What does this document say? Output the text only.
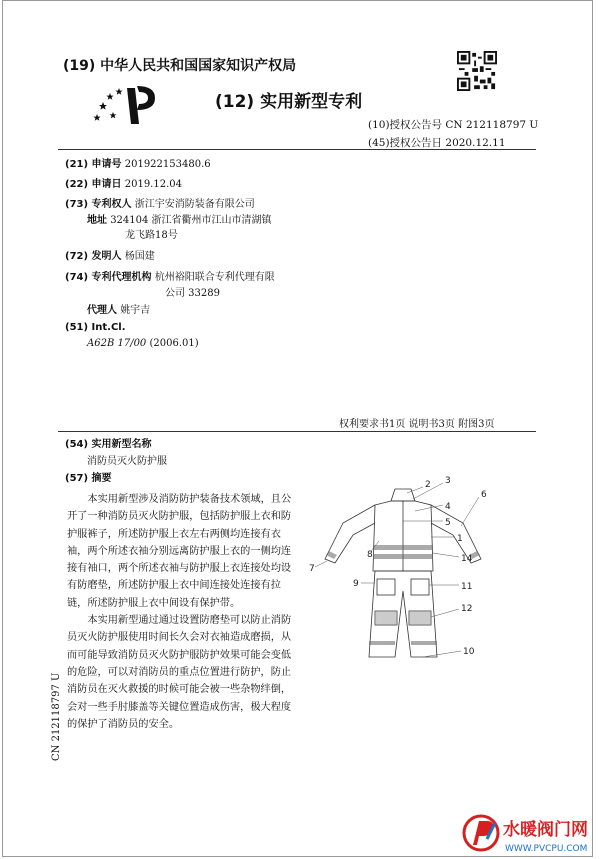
(19) 中华人民共和国国家知识产权局
(12) 实用新型专利
(10)授权公告号 CN 212118797 U
(45)授权公告日 2020.12.11
(21) 申请号 201922153480.6
(22) 申请日 2019.12.04
(73) 专利权人 浙江宇安消防装备有限公司
地址 324104 浙江省衢州市江山市清湖镇
龙飞路18号
(72) 发明人 杨国建
(74) 专利代理机构 杭州裕阳联合专利代理有限
公司 33289
代理人 姚宇吉
(51) Int.Cl.
A62B 17/00 (2006.01)
权利要求书1页 说明书3页 附图3页
(54) 实用新型名称
消防员灭火防护服
(57) 摘要

本实用新型涉及消防防护装备技术领域，且公开了一种消防员灭火防护服，包括防护服上衣和防护服裤子，所述防护服上衣左右两侧均连接有衣袖，两个所述衣袖分别远离防护服上衣的一侧均连接有袖口，两个所述衣袖与防护服上衣连接处均设有防磨垫，所述防护服上衣中间连接处连接有拉链，所述防护服上衣中间设有保护带。

本实用新型通过通过设置防磨垫可以防止消防员灭火防护服使用时间长久会对衣袖造成磨损，从而可能导致消防员灭火防护服防护效果可能会变低的危险，可以对消防员的重点位置进行防护，防止消防员在灭火救援的时候可能会被一些杂物绊倒，会对一些手肘膝盖等关键位置造成伤害，极大程度的保护了消防员的安全。

CN 212118797 U
2 3
4
5
6
1
8	14
7
9	11
12
10
水暖阀门网
WWW.PVCPU.COM
